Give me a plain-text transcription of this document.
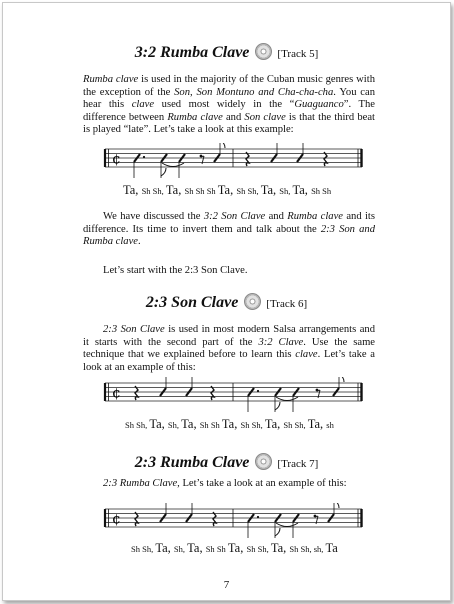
3:2 Rumba Clave	[Track 5]

Rumba clave is used in the majority of the Cuban music genres with the exception of the Son, Son Montuno and Cha-cha-cha. You can hear this clave used most widely in the “Guaguanco”. The difference between Rumba clave and Son clave is that the third beat is played “late”. Let’s take a look at this example:

¢
Ta, Sh Sh, Ta, Sh Sh Sh Ta, Sh Sh, Ta, Sh, Ta, Sh Sh

We have discussed the 3:2 Son Clave and Rumba clave and its difference. Its time to invert them and talk about the 2:3 Son and Rumba clave.

Let’s start with the 2:3 Son Clave.

2:3 Son Clave	[Track 6]

2:3 Son Clave is used in most modern Salsa arrangements and it starts with the second part of the 3:2 Clave. Use the same technique that we explained before to learn this clave. Let’s take a look at an example of this:

¢
Sh Sh, Ta, Sh, Ta, Sh Sh Ta, Sh Sh, Ta, Sh Sh, Ta, sh
2:3 Rumba Clave	[Track 7]

2:3 Rumba Clave, Let’s take a look at an example of this:

¢
Sh Sh, Ta, Sh, Ta, Sh Sh Ta, Sh Sh, Ta, Sh Sh, sh, Ta
7
